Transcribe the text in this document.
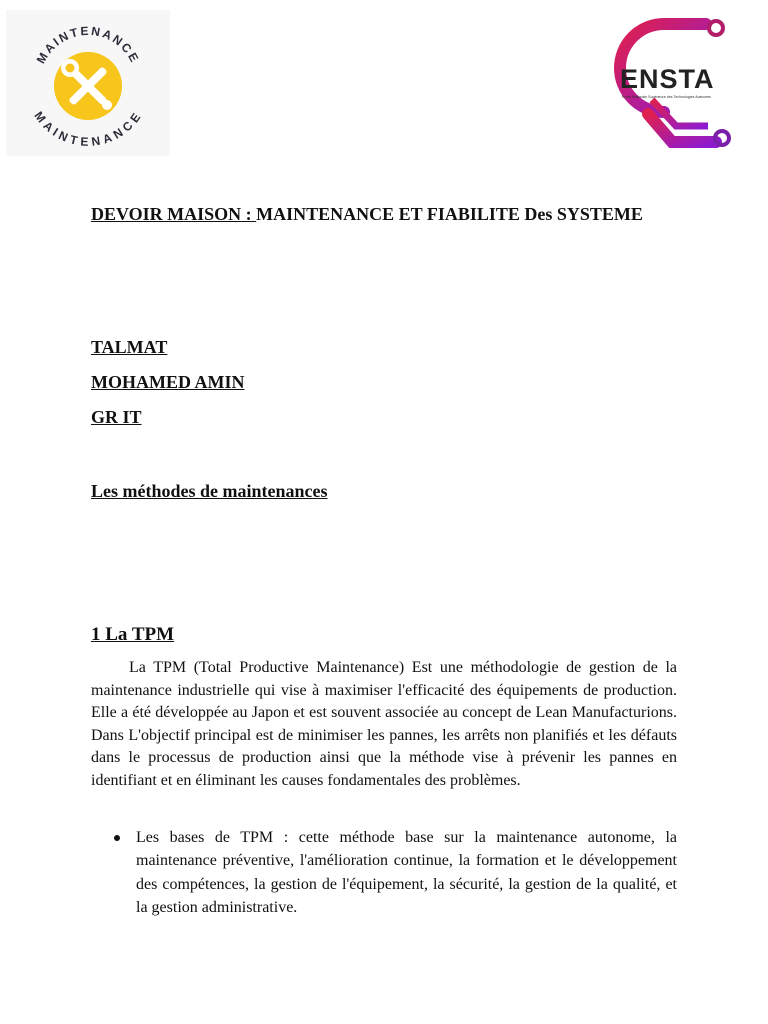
MAINTENANCE
MAINTENANCE
ENSTA
Ecole Nationale Supérieure des Technologies Avancées
DEVOIR MAISON : MAINTENANCE ET FIABILITE Des SYSTEME
TALMAT
MOHAMED AMIN
GR IT
Les méthodes de maintenances
1 La TPM

La TPM (Total Productive Maintenance) Est une méthodologie de gestion de la maintenance industrielle qui vise à maximiser l'efficacité des équipements de production. Elle a été développée au Japon et est souvent associée au concept de Lean Manufacturions. Dans L'objectif principal est de minimiser les pannes, les arrêts non planifiés et les défauts dans le processus de production ainsi que la méthode vise à prévenir les pannes en identifiant et en éliminant les causes fondamentales des problèmes.

Les bases de TPM : cette méthode base sur la maintenance autonome, la maintenance préventive, l'amélioration continue, la formation et le développement des compétences, la gestion de l'équipement, la sécurité, la gestion de la qualité, et la gestion administrative.
